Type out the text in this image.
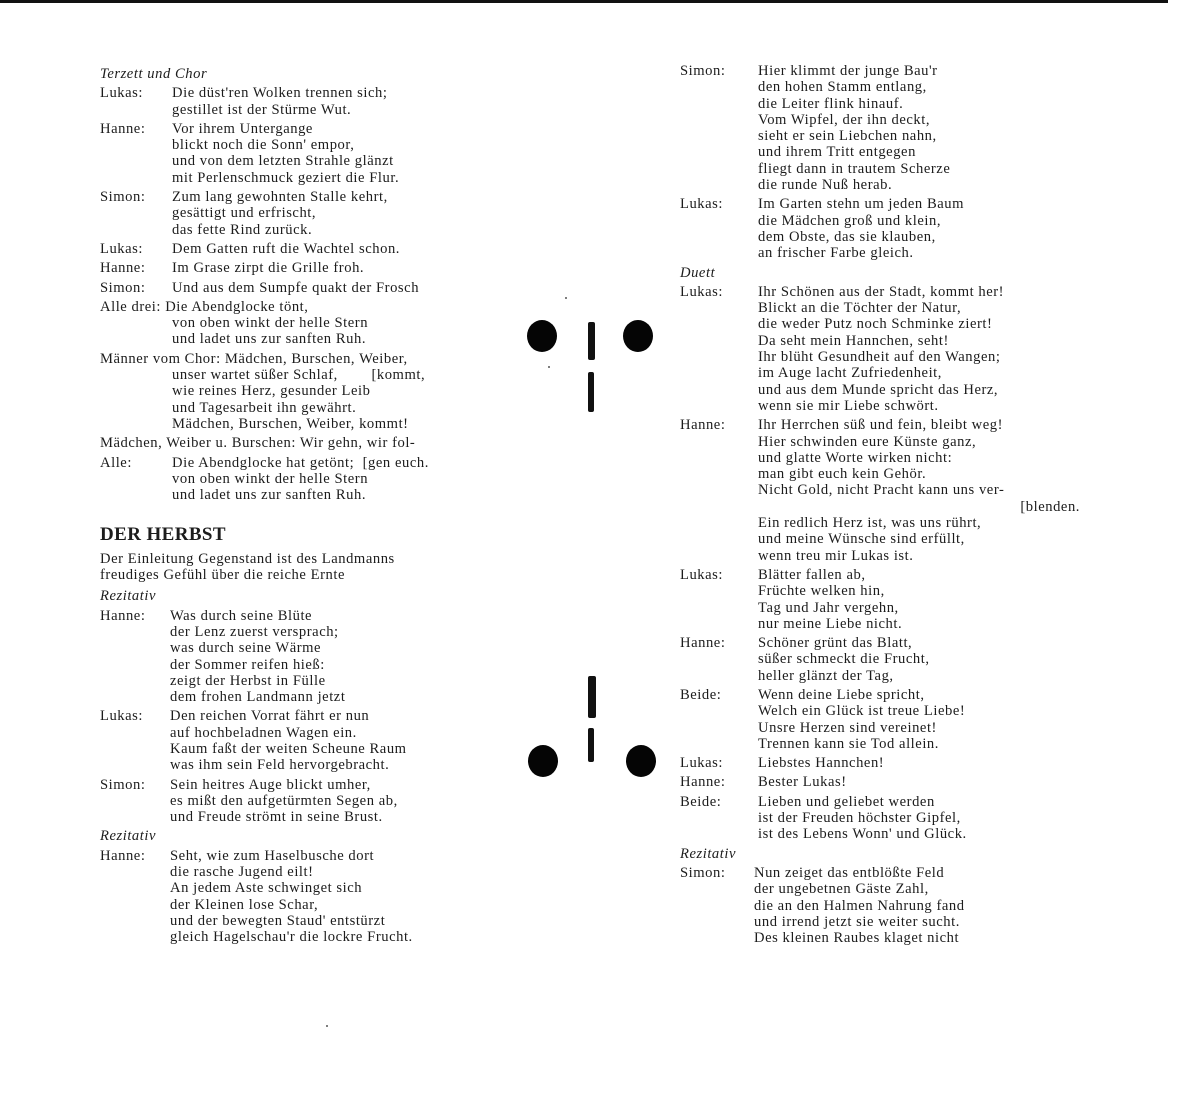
Terzett und Chor
Lukas:	Die düst'ren Wolken trennen sich;
gestillet ist der Stürme Wut.
Hanne:	Vor ihrem Untergange
blickt noch die Sonn' empor,
und von dem letzten Strahle glänzt
mit Perlenschmuck geziert die Flur.
Simon:	Zum lang gewohnten Stalle kehrt,
gesättigt und erfrischt,
das fette Rind zurück.
Lukas:	Dem Gatten ruft die Wachtel schon.
Hanne:	Im Grase zirpt die Grille froh.
Simon:	Und aus dem Sumpfe quakt der Frosch
Alle drei: Die Abendglocke tönt,
von oben winkt der helle Stern
und ladet uns zur sanften Ruh.
Männer vom Chor: Mädchen, Burschen, Weiber,
unser wartet süßer Schlaf,        [kommt,
wie reines Herz, gesunder Leib
und Tagesarbeit ihn gewährt.
Mädchen, Burschen, Weiber, kommt!
Mädchen, Weiber u. Burschen: Wir gehn, wir fol-
Alle:	Die Abendglocke hat getönt;  [gen euch.
von oben winkt der helle Stern
und ladet uns zur sanften Ruh.
DER HERBST
Der Einleitung Gegenstand ist des Landmanns
freudiges Gefühl über die reiche Ernte
Rezitativ
Hanne:	Was durch seine Blüte
der Lenz zuerst versprach;
was durch seine Wärme
der Sommer reifen hieß:
zeigt der Herbst in Fülle
dem frohen Landmann jetzt
Lukas:	Den reichen Vorrat fährt er nun
auf hochbeladnen Wagen ein.
Kaum faßt der weiten Scheune Raum
was ihm sein Feld hervorgebracht.
Simon:	Sein heitres Auge blickt umher,
es mißt den aufgetürmten Segen ab,
und Freude strömt in seine Brust.
Rezitativ
Hanne:	Seht, wie zum Haselbusche dort
die rasche Jugend eilt!
An jedem Aste schwinget sich
der Kleinen lose Schar,
und der bewegten Staud' entstürzt
gleich Hagelschau'r die lockre Frucht.
Simon:	Hier klimmt der junge Bau'r
den hohen Stamm entlang,
die Leiter flink hinauf.
Vom Wipfel, der ihn deckt,
sieht er sein Liebchen nahn,
und ihrem Tritt entgegen
fliegt dann in trautem Scherze
die runde Nuß herab.
Lukas:	Im Garten stehn um jeden Baum
die Mädchen groß und klein,
dem Obste, das sie klauben,
an frischer Farbe gleich.
Duett
Lukas:	Ihr Schönen aus der Stadt, kommt her!
Blickt an die Töchter der Natur,
die weder Putz noch Schminke ziert!
Da seht mein Hannchen, seht!
Ihr blüht Gesundheit auf den Wangen;
im Auge lacht Zufriedenheit,
und aus dem Munde spricht das Herz,
wenn sie mir Liebe schwört.
Hanne:	Ihr Herrchen süß und fein, bleibt weg!
Hier schwinden eure Künste ganz,
und glatte Worte wirken nicht:
man gibt euch kein Gehör.
Nicht Gold, nicht Pracht kann uns ver-
[blenden.
Ein redlich Herz ist, was uns rührt,
und meine Wünsche sind erfüllt,
wenn treu mir Lukas ist.
Lukas:	Blätter fallen ab,
Früchte welken hin,
Tag und Jahr vergehn,
nur meine Liebe nicht.
Hanne:	Schöner grünt das Blatt,
süßer schmeckt die Frucht,
heller glänzt der Tag,
Beide:	Wenn deine Liebe spricht,
Welch ein Glück ist treue Liebe!
Unsre Herzen sind vereinet!
Trennen kann sie Tod allein.
Lukas:	Liebstes Hannchen!
Hanne:	Bester Lukas!
Beide:	Lieben und geliebet werden
ist der Freuden höchster Gipfel,
ist des Lebens Wonn' und Glück.
Rezitativ
Simon:	Nun zeiget das entblößte Feld
der ungebetnen Gäste Zahl,
die an den Halmen Nahrung fand
und irrend jetzt sie weiter sucht.
Des kleinen Raubes klaget nicht
